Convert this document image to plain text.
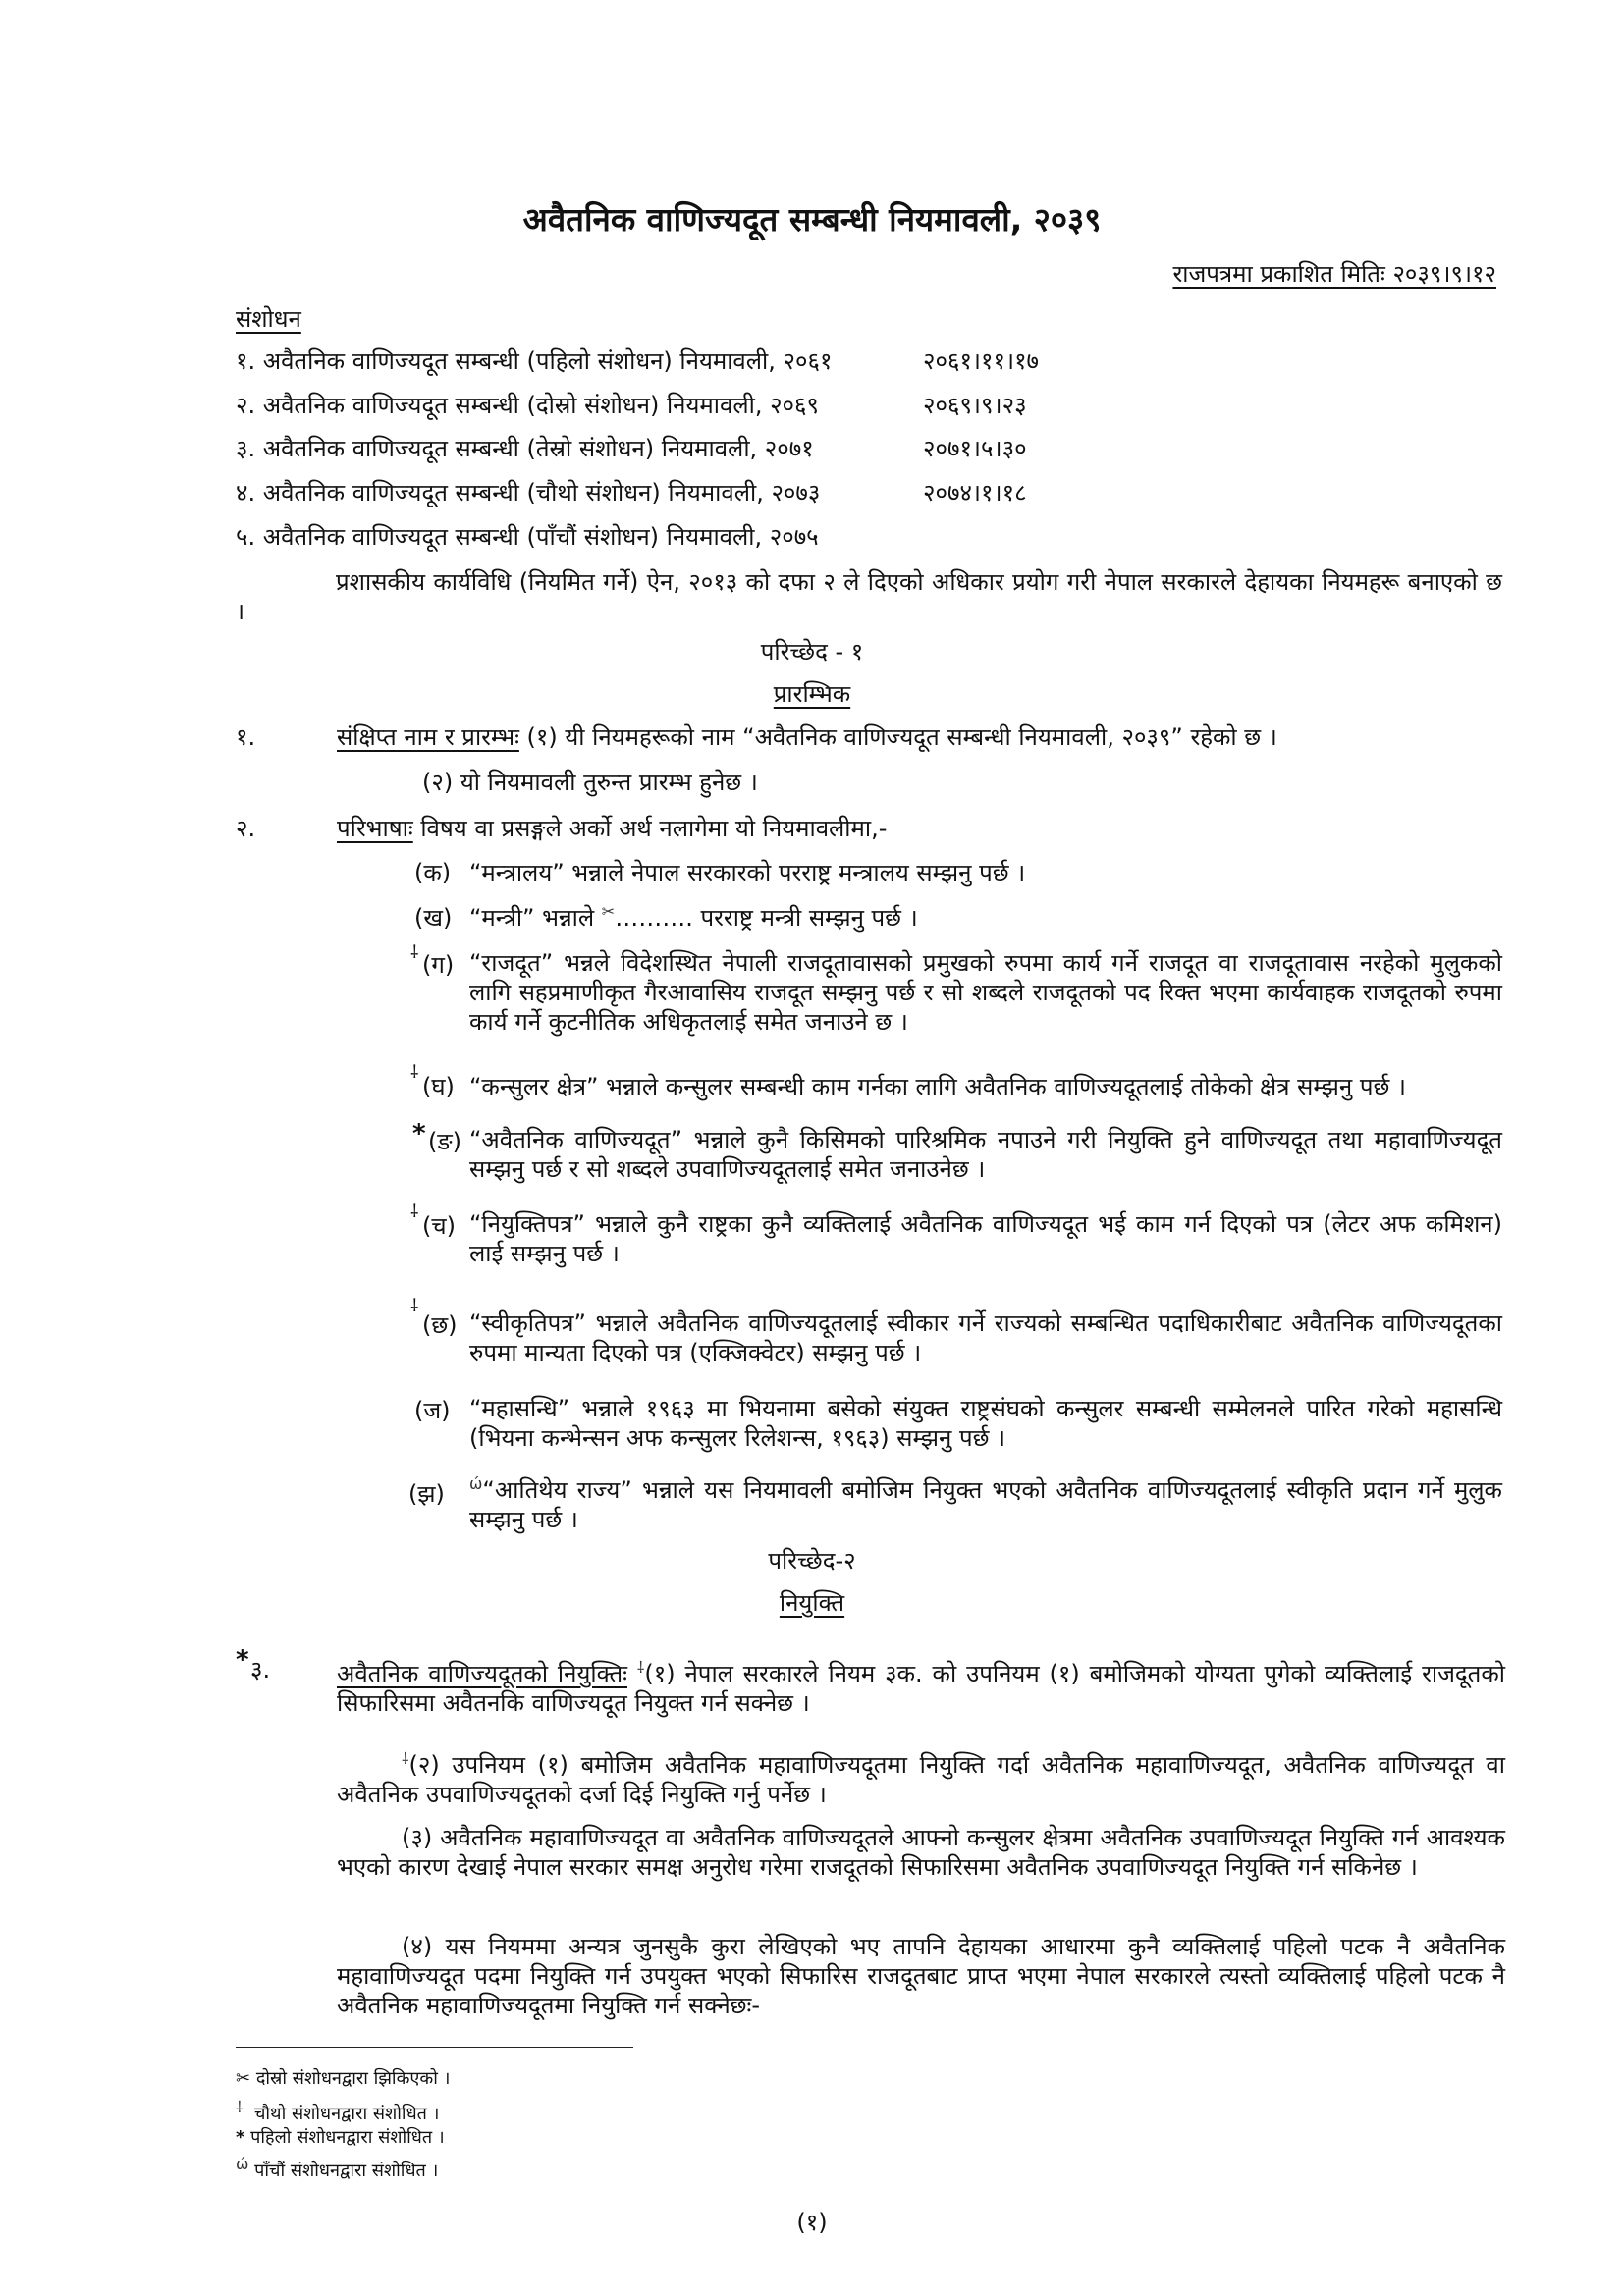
अवैतनिक वाणिज्यदूत सम्बन्धी नियमावली, २०३९
राजपत्रमा प्रकाशित मितिः २०३९।९।१२
संशोधन
१. अवैतनिक वाणिज्यदूत सम्बन्धी (पहिलो संशोधन) नियमावली, २०६१	२०६१।११।१७
२. अवैतनिक वाणिज्यदूत सम्बन्धी (दोस्रो संशोधन) नियमावली, २०६९	२०६९।९।२३
३. अवैतनिक वाणिज्यदूत सम्बन्धी (तेस्रो संशोधन) नियमावली, २०७१	२०७१।५।३०
४. अवैतनिक वाणिज्यदूत सम्बन्धी (चौथो संशोधन) नियमावली, २०७३	२०७४।१।१८
५. अवैतनिक वाणिज्यदूत सम्बन्धी (पाँचौं संशोधन) नियमावली, २०७५
प्रशासकीय कार्यविधि (नियमित गर्ने) ऐन, २०१३ को दफा २ ले दिएको अधिकार प्रयोग गरी नेपाल सरकारले देहायका नियमहरू बनाएको छ ।
परिच्छेद - १
प्रारम्भिक
१.	संक्षिप्त नाम र प्रारम्भः (१) यी नियमहरूको नाम “अवैतनिक वाणिज्यदूत सम्बन्धी नियमावली, २०३९” रहेको छ ।
(२) यो नियमावली तुरुन्त प्रारम्भ हुनेछ ।
२.	परिभाषाः विषय वा प्रसङ्गले अर्को अर्थ नलागेमा यो नियमावलीमा,-
(क) “मन्त्रालय” भन्नाले नेपाल सरकारको परराष्ट्र मन्त्रालय सम्झनु पर्छ ।
(ख) “मन्त्री” भन्नाले ✂………. परराष्ट्र मन्त्री सम्झनु पर्छ ।
⸸ (ग) “राजदूत” भन्नले विदेशस्थित नेपाली राजदूतावासको प्रमुखको रुपमा कार्य गर्ने राजदूत वा राजदूतावास नरहेको मुलुकको लागि सहप्रमाणीकृत गैरआवासिय राजदूत सम्झनु पर्छ र सो शब्दले राजदूतको पद रिक्त भएमा कार्यवाहक राजदूतको रुपमा कार्य गर्ने कुटनीतिक अधिकृतलाई समेत जनाउने छ ।
⸸
(घ) “कन्सुलर क्षेत्र” भन्नाले कन्सुलर सम्बन्धी काम गर्नका लागि अवैतनिक वाणिज्यदूतलाई तोकेको क्षेत्र सम्झनु पर्छ ।
* (ङ) “अवैतनिक वाणिज्यदूत” भन्नाले कुनै किसिमको पारिश्रमिक नपाउने गरी नियुक्ति हुने वाणिज्यदूत तथा महावाणिज्यदूत सम्झनु पर्छ र सो शब्दले उपवाणिज्यदूतलाई समेत जनाउनेछ ।
⸸
(च) “नियुक्तिपत्र” भन्नाले कुनै राष्ट्रका कुनै व्यक्तिलाई अवैतनिक वाणिज्यदूत भई काम गर्न दिएको पत्र (लेटर अफ कमिशन) लाई सम्झनु पर्छ ।
⸸
(छ) “स्वीकृतिपत्र” भन्नाले अवैतनिक वाणिज्यदूतलाई स्वीकार गर्ने राज्यको सम्बन्धित पदाधिकारीबाट अवैतनिक वाणिज्यदूतका रुपमा मान्यता दिएको पत्र (एक्जिक्वेटर) सम्झनु पर्छ ।
(ज) “महासन्धि” भन्नाले १९६३ मा भियनामा बसेको संयुक्त राष्ट्रसंघको कन्सुलर सम्बन्धी सम्मेलनले पारित गरेको महासन्धि (भियना कन्भेन्सन अफ कन्सुलर रिलेशन्स, १९६३) सम्झनु पर्छ ।
(झ) $^ώ$“आतिथेय राज्य” भन्नाले यस नियमावली बमोजिम नियुक्त भएको अवैतनिक वाणिज्यदूतलाई स्वीकृति प्रदान गर्ने मुलुक सम्झनु पर्छ ।
परिच्छेद-२
नियुक्ति
* ३.	अवैतनिक वाणिज्यदूतको नियुक्तिः ⸸(१) नेपाल सरकारले नियम ३क. को उपनियम (१) बमोजिमको योग्यता पुगेको व्यक्तिलाई राजदूतको सिफारिसमा अवैतनकि वाणिज्यदूत नियुक्त गर्न सक्नेछ ।
⸸(२) उपनियम (१) बमोजिम अवैतनिक महावाणिज्यदूतमा नियुक्ति गर्दा अवैतनिक महावाणिज्यदूत, अवैतनिक वाणिज्यदूत वा अवैतनिक उपवाणिज्यदूतको दर्जा दिई नियुक्ति गर्नु पर्नेछ ।
(३) अवैतनिक महावाणिज्यदूत वा अवैतनिक वाणिज्यदूतले आफ्नो कन्सुलर क्षेत्रमा अवैतनिक उपवाणिज्यदूत नियुक्ति गर्न आवश्यक भएको कारण देखाई नेपाल सरकार समक्ष अनुरोध गरेमा राजदूतको सिफारिसमा अवैतनिक उपवाणिज्यदूत नियुक्ति गर्न सकिनेछ ।
(४) यस नियममा अन्यत्र जुनसुकै कुरा लेखिएको भए तापनि देहायका आधारमा कुनै व्यक्तिलाई पहिलो पटक नै अवैतनिक महावाणिज्यदूत पदमा नियुक्ति गर्न उपयुक्त भएको सिफारिस राजदूतबाट प्राप्त भएमा नेपाल सरकारले त्यस्तो व्यक्तिलाई पहिलो पटक नै अवैतनिक महावाणिज्यदूतमा नियुक्ति गर्न सक्नेछः-
✂ दोस्रो संशोधनद्वारा झिकिएको ।
⸸ चौथो संशोधनद्वारा संशोधित ।
* पहिलो संशोधनद्वारा संशोधित ।
ώ पाँचौं संशोधनद्वारा संशोधित ।
(१)
